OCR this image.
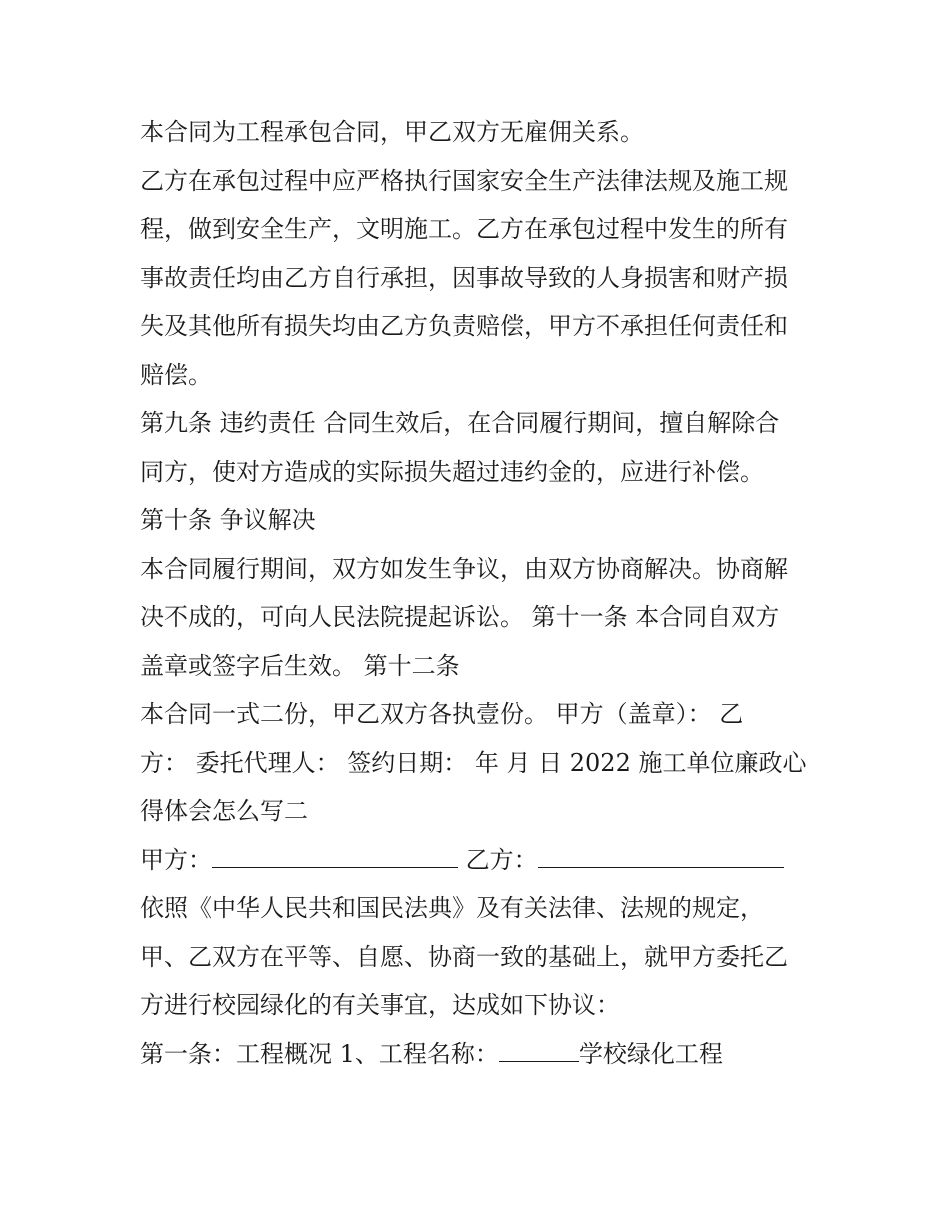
本合同为工程承包合同，甲乙双方无雇佣关系。
乙方在承包过程中应严格执行国家安全生产法律法规及施工规
程，做到安全生产，文明施工。乙方在承包过程中发生的所有
事故责任均由乙方自行承担，因事故导致的人身损害和财产损
失及其他所有损失均由乙方负责赔偿，甲方不承担任何责任和
赔偿。
第九条 违约责任 合同生效后，在合同履行期间，擅自解除合
同方，使对方造成的实际损失超过违约金的，应进行补偿。
第十条 争议解决
本合同履行期间，双方如发生争议，由双方协商解决。协商解
决不成的，可向人民法院提起诉讼。 第十一条 本合同自双方
盖章或签字后生效。 第十二条
本合同一式二份，甲乙双方各执壹份。 甲方（盖章）： 乙
方： 委托代理人： 签约日期： 年 月 日 2022 施工单位廉政心
得体会怎么写二
甲方：	乙方：
依照《中华人民共和国民法典》及有关法律、法规的规定，
甲、乙双方在平等、自愿、协商一致的基础上，就甲方委托乙
方进行校园绿化的有关事宜，达成如下协议：
第一条：工程概况 1、工程名称：	学校绿化工程
